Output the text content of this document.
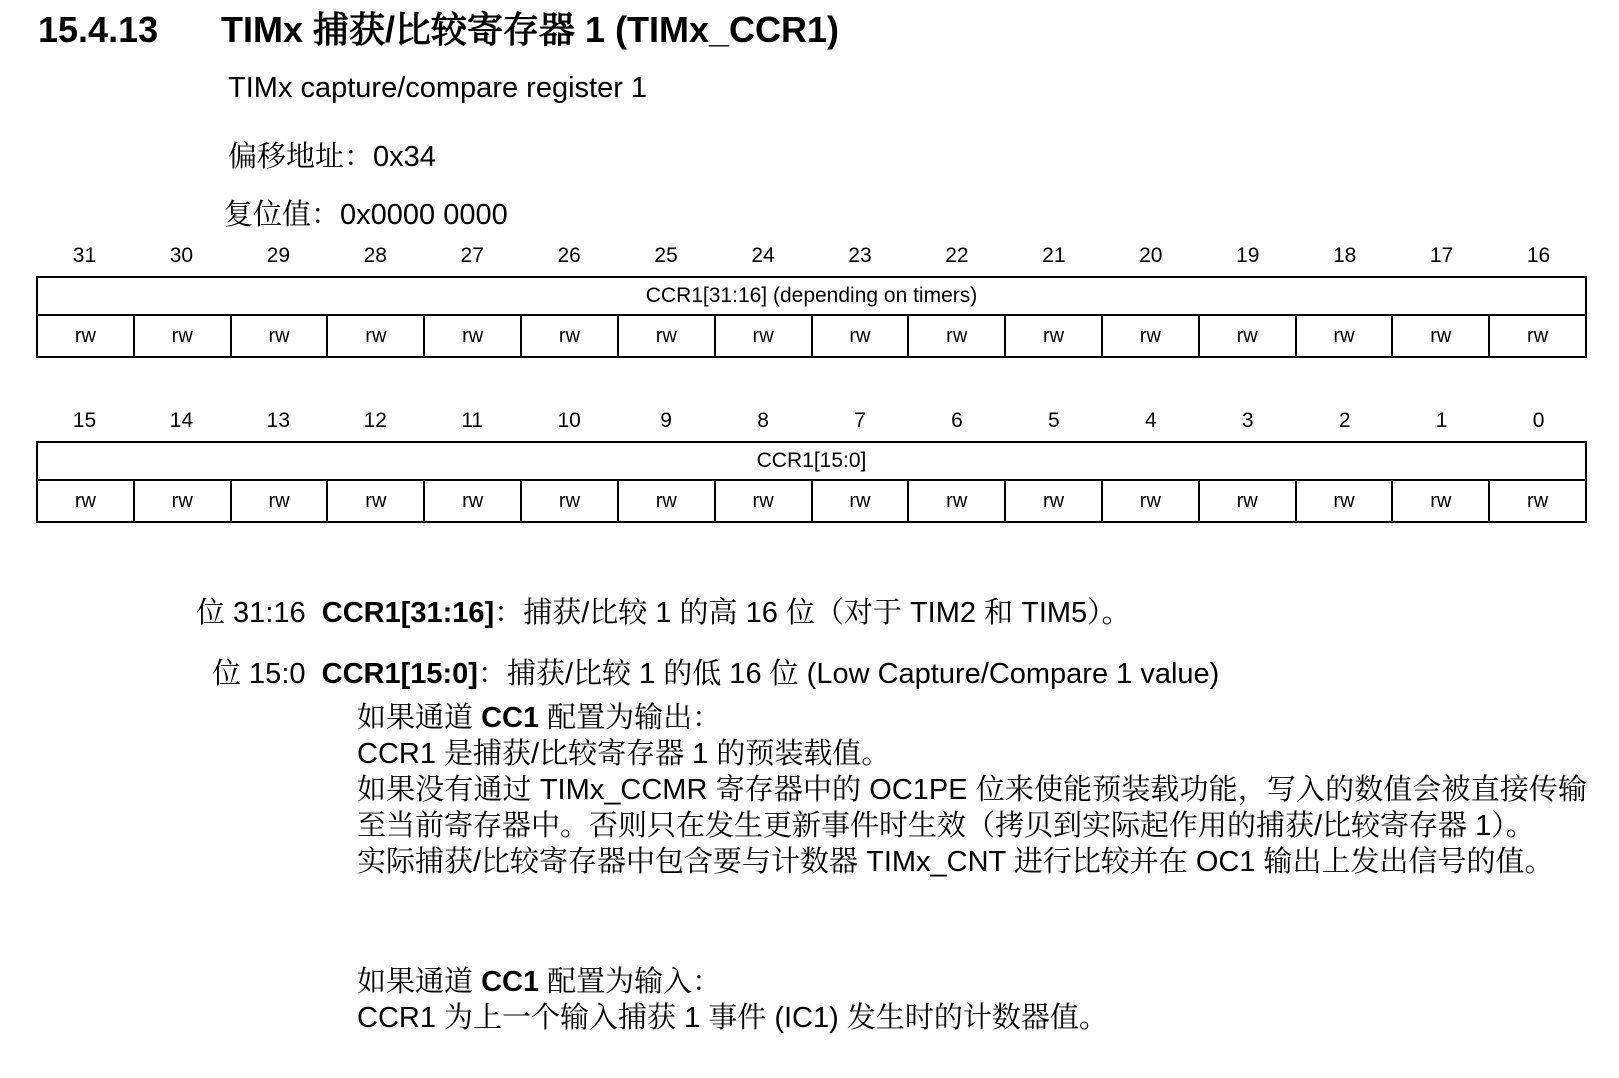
15.4.13 TIMx 捕获/比较寄存器 1 (TIMx_CCR1)
TIMx capture/compare register 1
偏移地址：0x34
复位值：0x0000 0000
31	30	29	28	27	26	25	24	23	22	21	20	19	18	17	16
CCR1[31:16] (depending on timers)
rw	rw	rw	rw	rw	rw	rw	rw	rw	rw	rw	rw	rw	rw	rw	rw
15	14	13	12	11	10	9	8	7	6	5	4	3	2	1	0
CCR1[15:0]
rw	rw	rw	rw	rw	rw	rw	rw	rw	rw	rw	rw	rw	rw	rw	rw
位 31:16 CCR1[31:16]：捕获/比较 1 的高 16 位（对于 TIM2 和 TIM5）。
位 15:0 CCR1[15:0]：捕获/比较 1 的低 16 位 (Low Capture/Compare 1 value)
如果通道 CC1 配置为输出：
CCR1 是捕获/比较寄存器 1 的预装载值。
如果没有通过 TIMx_CCMR 寄存器中的 OC1PE 位来使能预装载功能，写入的数值会被直接传输至当前寄存器中。否则只在发生更新事件时生效（拷贝到实际起作用的捕获/比较寄存器 1）。
实际捕获/比较寄存器中包含要与计数器 TIMx_CNT 进行比较并在 OC1 输出上发出信号的值。
如果通道 CC1 配置为输入：
CCR1 为上一个输入捕获 1 事件 (IC1) 发生时的计数器值。
